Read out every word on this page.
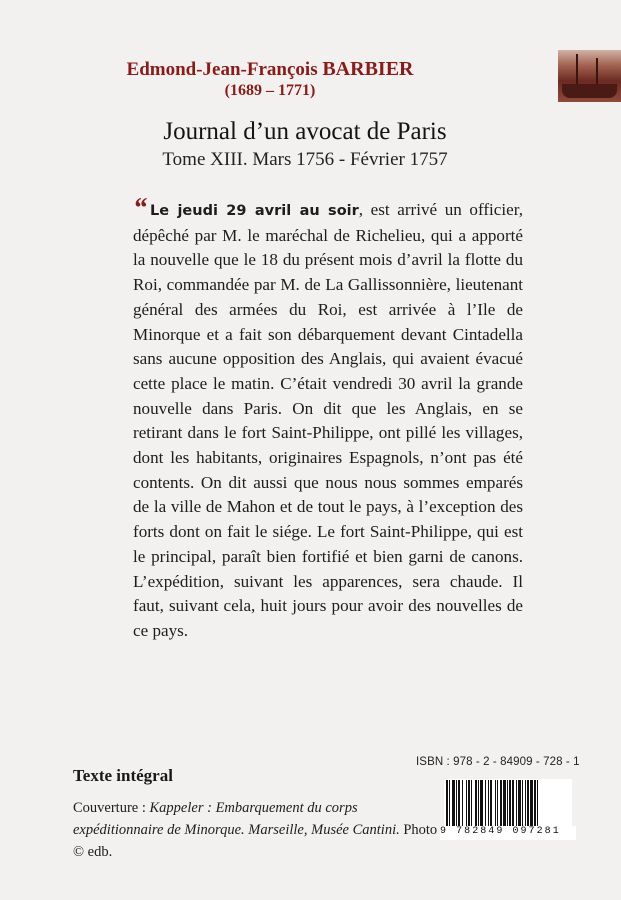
Edmond-Jean-François BARBIER
(1689 – 1771)
Journal d’un avocat de Paris
Tome XIII. Mars 1756 - Février 1757
“ Le jeudi 29 avril au soir, est arrivé un officier, dépêché par M. le maréchal de Richelieu, qui a apporté la nouvelle que le 18 du présent mois d’avril la flotte du Roi, commandée par M. de La Gallissonnière, lieutenant général des armées du Roi, est arrivée à l’Ile de Minorque et a fait son débarquement devant Cintadella sans aucune opposition des Anglais, qui avaient évacué cette place le matin. C’était vendredi 30 avril la grande nouvelle dans Paris. On dit que les Anglais, en se retirant dans le fort Saint-Philippe, ont pillé les villages, dont les habitants, originaires Espagnols, n’ont pas été contents. On dit aussi que nous nous sommes emparés de la ville de Mahon et de tout le pays, à l’exception des forts dont on fait le siége. Le fort Saint-Philippe, qui est le principal, paraît bien fortifié et bien garni de canons. L’expédition, suivant les apparences, sera chaude. Il faut, suivant cela, huit jours pour avoir des nouvelles de ce pays.
Texte intégral
Couverture : Kappeler : Embarquement du corps expéditionnaire de Minorque. Marseille, Musée Cantini. Photo © edb.
ISBN : 978 - 2 - 84909 - 728 - 1
9 782849 097281
